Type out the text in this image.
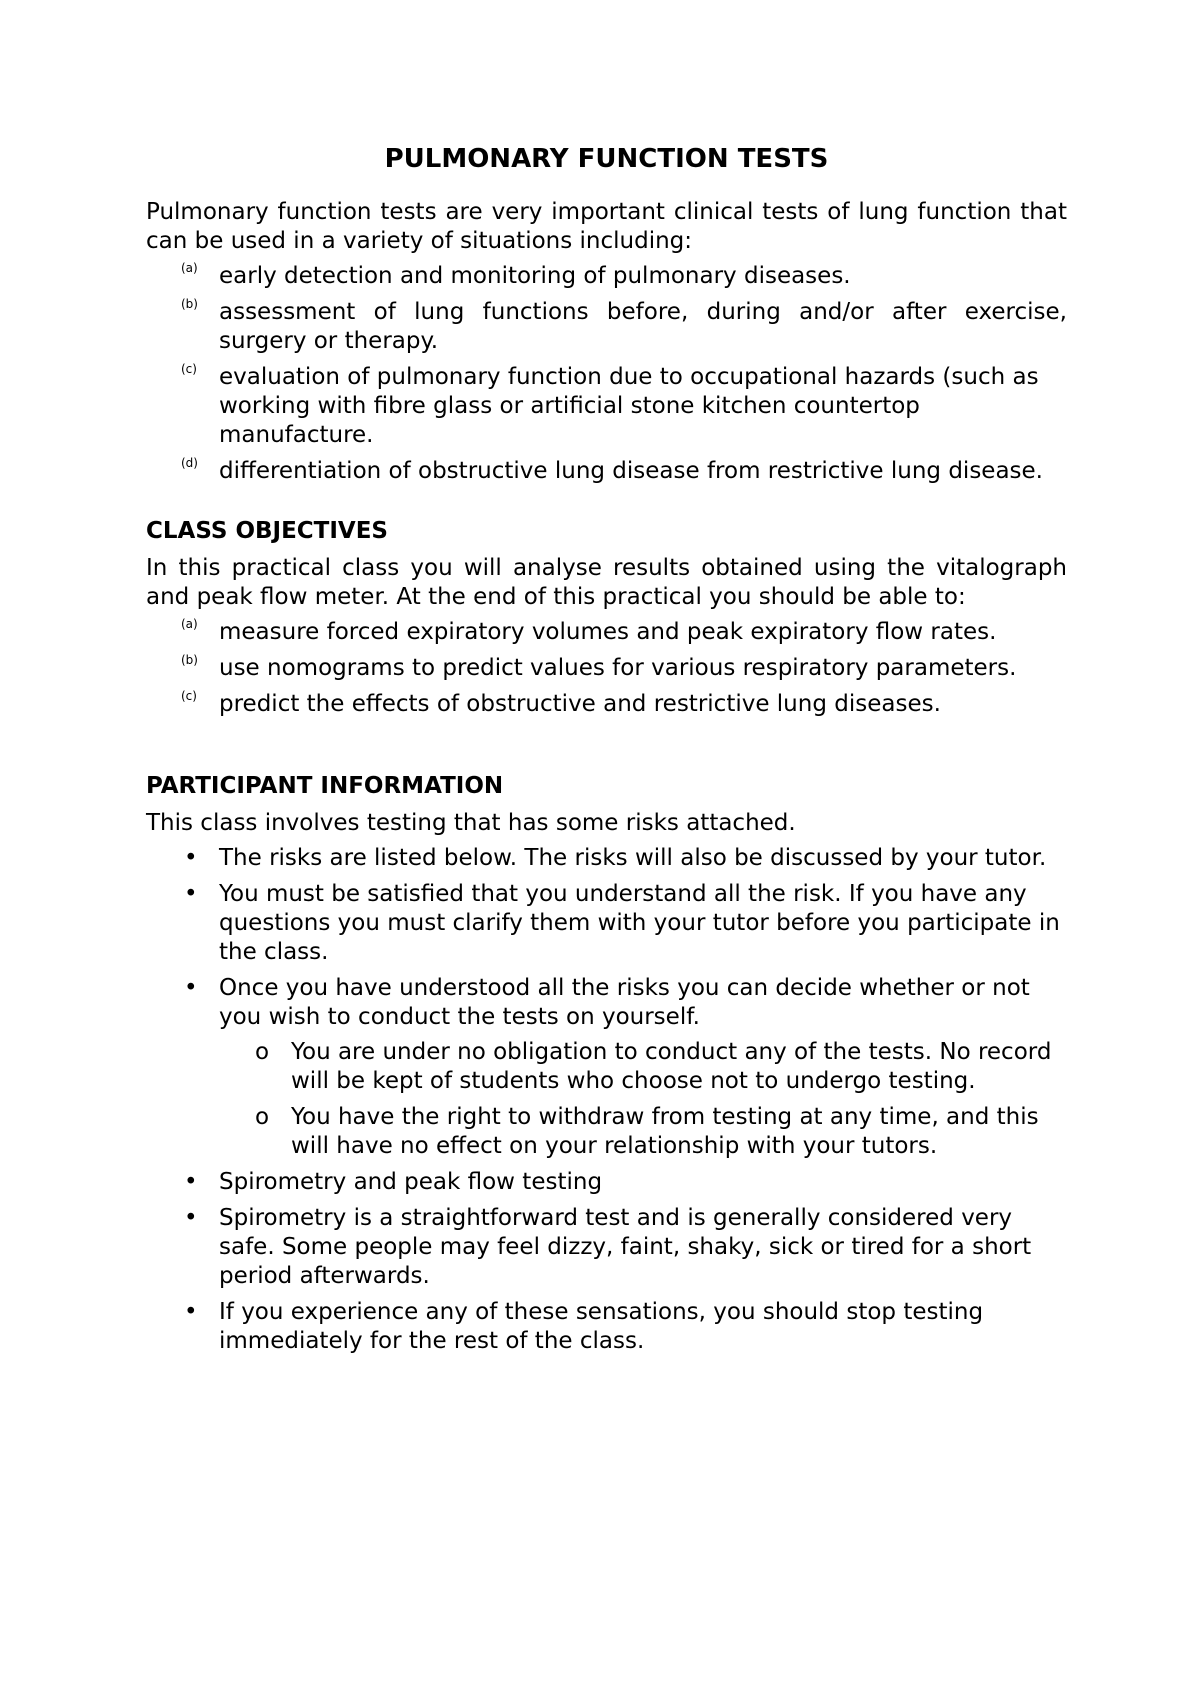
PULMONARY FUNCTION TESTS

Pulmonary function tests are very important clinical tests of lung function that can be used in a variety of situations including:

(a) early detection and monitoring of pulmonary diseases.
(b) assessment of lung functions before, during and/or after exercise, surgery or therapy.
(c) evaluation of pulmonary function due to occupational hazards (such as working with fibre glass or artificial stone kitchen countertop manufacture.
(d) differentiation of obstructive lung disease from restrictive lung disease.
CLASS OBJECTIVES

In this practical class you will analyse results obtained using the vitalograph and peak flow meter. At the end of this practical you should be able to:

(a) measure forced expiratory volumes and peak expiratory flow rates.
(b) use nomograms to predict values for various respiratory parameters.
(c) predict the effects of obstructive and restrictive lung diseases.
PARTICIPANT INFORMATION

This class involves testing that has some risks attached.

• The risks are listed below. The risks will also be discussed by your tutor.
• You must be satisfied that you understand all the risk. If you have any questions you must clarify them with your tutor before you participate in the class.
• Once you have understood all the risks you can decide whether or not you wish to conduct the tests on yourself.
o You are under no obligation to conduct any of the tests. No record will be kept of students who choose not to undergo testing.
o You have the right to withdraw from testing at any time, and this will have no effect on your relationship with your tutors.
• Spirometry and peak flow testing
• Spirometry is a straightforward test and is generally considered very safe. Some people may feel dizzy, faint, shaky, sick or tired for a short period afterwards.
• If you experience any of these sensations, you should stop testing immediately for the rest of the class.
